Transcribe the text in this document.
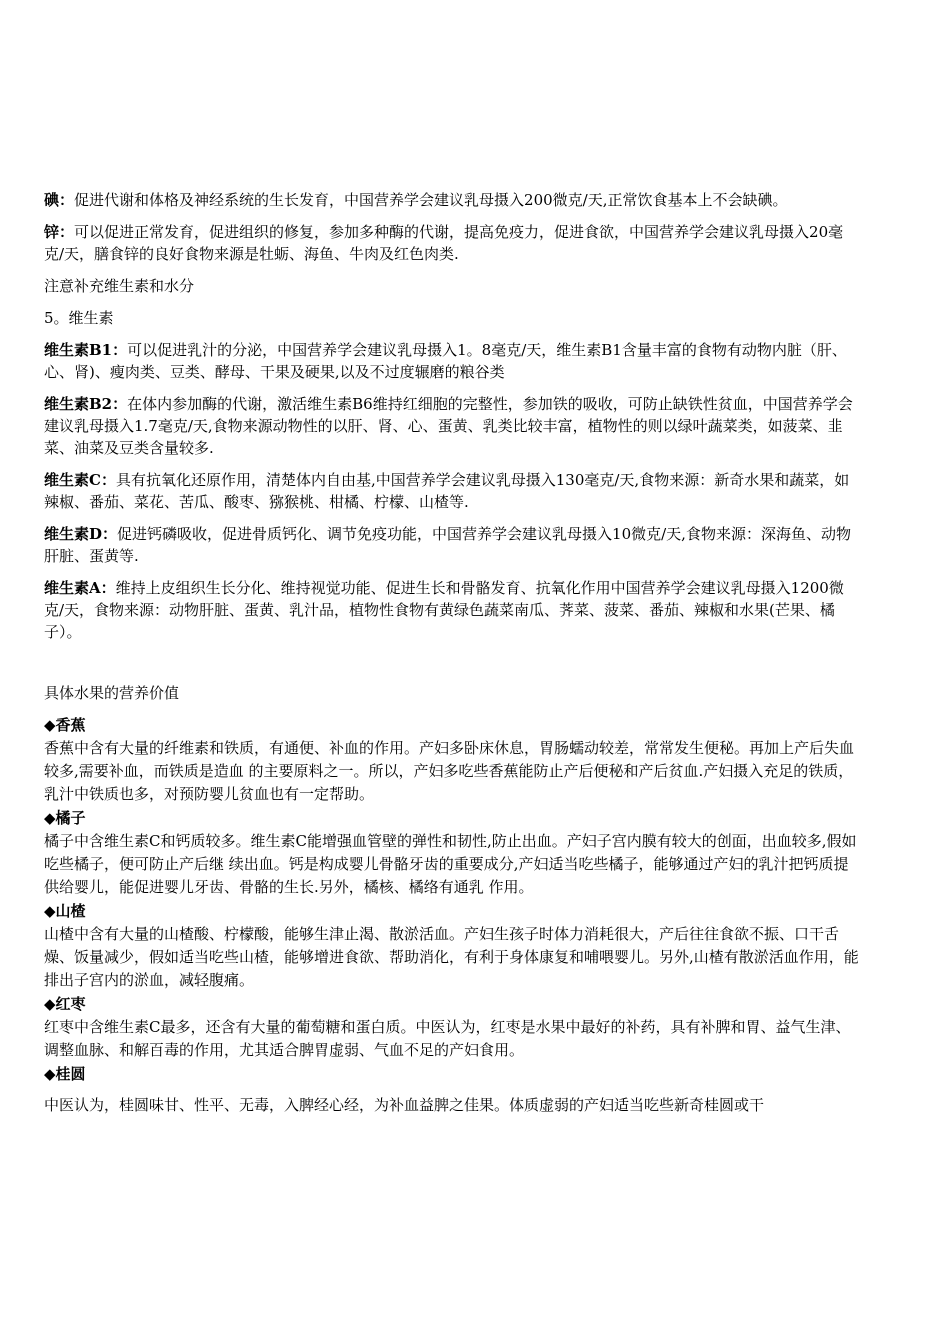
碘：促进代谢和体格及神经系统的生长发育，中国营养学会建议乳母摄入200微克/天,正常饮食基本上不会缺碘。

锌：可以促进正常发育，促进组织的修复，参加多种酶的代谢，提高免疫力，促进食欲，中国营养学会建议乳母摄入20毫克/天，膳食锌的良好食物来源是牡蛎、海鱼、牛肉及红色肉类.

注意补充维生素和水分

5。维生素

维生素B1：可以促进乳汁的分泌，中国营养学会建议乳母摄入1。8毫克/天，维生素B1含量丰富的食物有动物内脏（肝、心、肾)、瘦肉类、豆类、酵母、干果及硬果,以及不过度辗磨的粮谷类

维生素B2：在体内参加酶的代谢，激活维生素B6维持红细胞的完整性，参加铁的吸收，可防止缺铁性贫血，中国营养学会建议乳母摄入1.7毫克/天,食物来源动物性的以肝、肾、心、蛋黄、乳类比较丰富，植物性的则以绿叶蔬菜类，如菠菜、韭菜、油菜及豆类含量较多.

维生素C：具有抗氧化还原作用，清楚体内自由基,中国营养学会建议乳母摄入130毫克/天,食物来源：新奇水果和蔬菜，如辣椒、番茄、菜花、苦瓜、酸枣、猕猴桃、柑橘、柠檬、山楂等.

维生素D：促进钙磷吸收，促进骨质钙化、调节免疫功能，中国营养学会建议乳母摄入10微克/天,食物来源：深海鱼、动物肝脏、蛋黄等.

维生素A：维持上皮组织生长分化、维持视觉功能、促进生长和骨骼发育、抗氧化作用中国营养学会建议乳母摄入1200微克/天，食物来源：动物肝脏、蛋黄、乳汁品，植物性食物有黄绿色蔬菜南瓜、荠菜、菠菜、番茄、辣椒和水果(芒果、橘子）。

具体水果的营养价值

◆香蕉

香蕉中含有大量的纤维素和铁质，有通便、补血的作用。产妇多卧床休息，胃肠蠕动较差，常常发生便秘。再加上产后失血较多,需要补血，而铁质是造血 的主要原料之一。所以，产妇多吃些香蕉能防止产后便秘和产后贫血.产妇摄入充足的铁质，乳汁中铁质也多，对预防婴儿贫血也有一定帮助。

◆橘子

橘子中含维生素C和钙质较多。维生素C能增强血管壁的弹性和韧性,防止出血。产妇子宫内膜有较大的创面，出血较多,假如吃些橘子，便可防止产后继 续出血。钙是构成婴儿骨骼牙齿的重要成分,产妇适当吃些橘子，能够通过产妇的乳汁把钙质提供给婴儿，能促进婴儿牙齿、骨骼的生长.另外，橘核、橘络有通乳 作用。

◆山楂

山楂中含有大量的山楂酸、柠檬酸，能够生津止渴、散淤活血。产妇生孩子时体力消耗很大，产后往往食欲不振、口干舌燥、饭量减少，假如适当吃些山楂，能够增进食欲、帮助消化，有利于身体康复和哺喂婴儿。另外,山楂有散淤活血作用，能排出子宫内的淤血，减轻腹痛。

◆红枣

红枣中含维生素C最多，还含有大量的葡萄糖和蛋白质。中医认为，红枣是水果中最好的补药，具有补脾和胃、益气生津、调整血脉、和解百毒的作用，尤其适合脾胃虚弱、气血不足的产妇食用。

◆桂圆

中医认为，桂圆味甘、性平、无毒，入脾经心经，为补血益脾之佳果。体质虚弱的产妇适当吃些新奇桂圆或干
